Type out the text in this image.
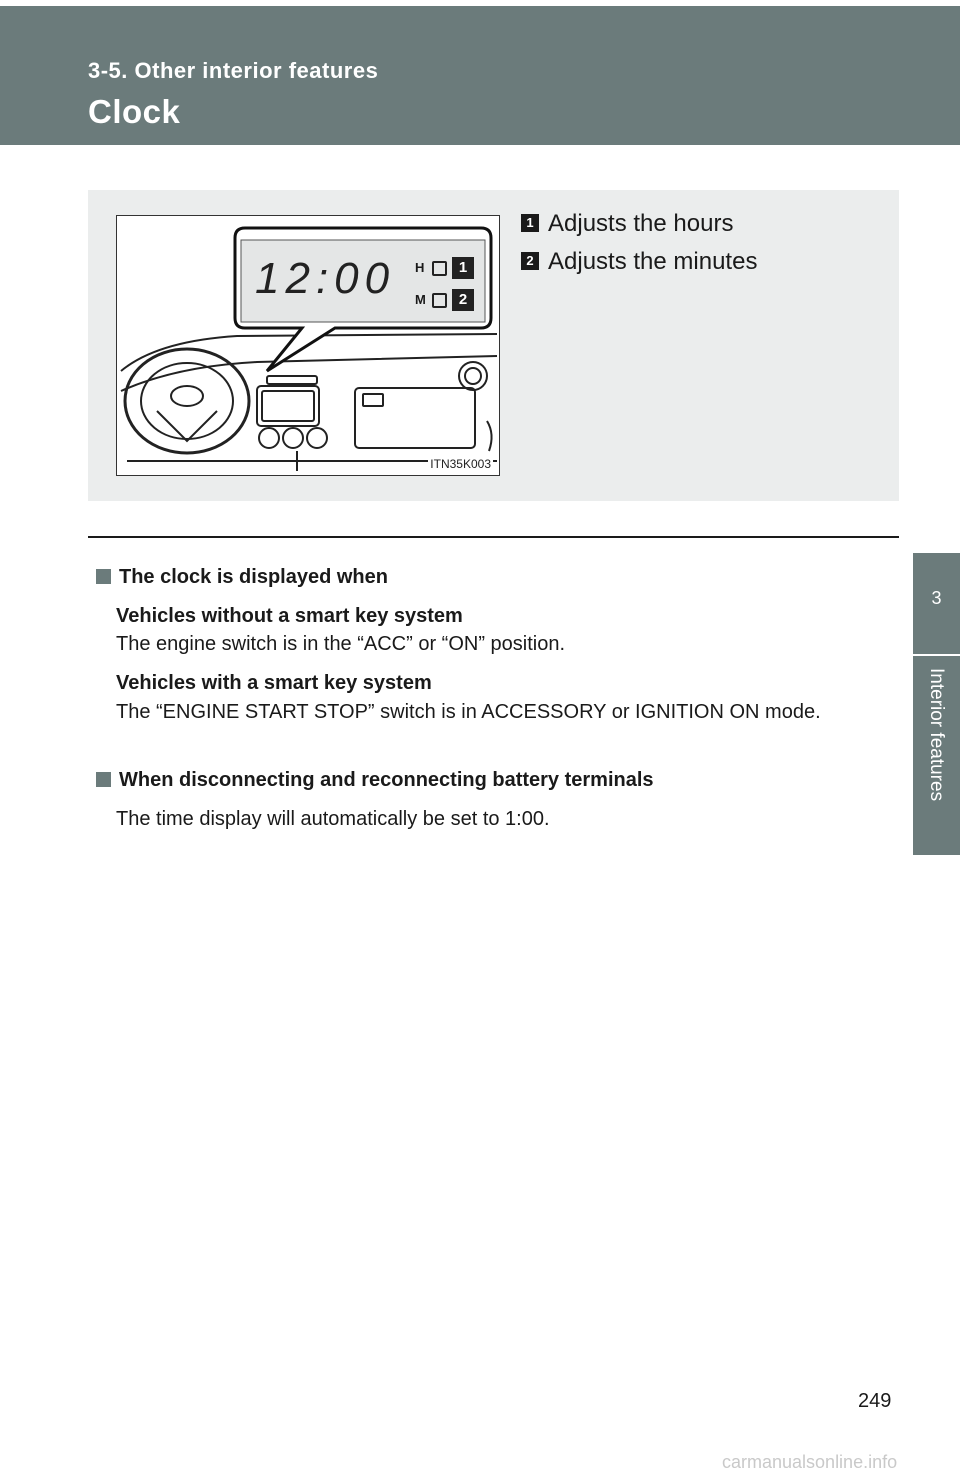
3-5. Other interior features
Clock
3
Interior features
12:00 H	1
M	2
ITN35K003
1 Adjusts the hours
2 Adjusts the minutes
The clock is displayed when
Vehicles without a smart key system
The engine switch is in the “ACC” or “ON” position.
Vehicles with a smart key system
The “ENGINE START STOP” switch is in ACCESSORY or IGNITION ON mode.
When disconnecting and reconnecting battery terminals
The time display will automatically be set to 1:00.
249
carmanualsonline.info
